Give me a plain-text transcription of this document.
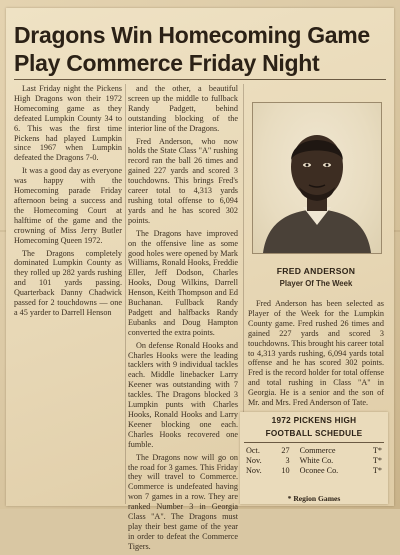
Dragons Win Homecoming Game
Play Commerce Friday Night

Last Friday night the Pickens High Dragons won their 1972 Homecoming game as they defeated Lumpkin County 34 to 6. This was the first time Pickens had played Lumpkin since 1967 when Lumpkin defeated the Dragons 7-0.

It was a good day as everyone was happy with the Homecoming parade Friday afternoon being a success and the Homecoming Court at halftime of the game and the crowning of Miss Jerry Butler Homecoming Queen 1972.

The Dragons completely dominated Lumpkin County as they rolled up 282 yards rushing and 101 yards passing. Quarterback Danny Chadwick passed for 2 touchdowns — one a 45 yarder to Darrell Henson

and the other, a beautiful screen up the middle to fullback Randy Padgett, behind outstanding blocking of the interior line of the Dragons.

Fred Anderson, who now holds the State Class "A" rushing record ran the ball 26 times and gained 227 yards and scored 3 touchdowns. This brings Fred's career total to 4,313 yards rushing total offense to 6,094 yards and he has scored 302 points.

The Dragons have improved on the offensive line as some good holes were opened by Mark Williams, Ronald Hooks, Freddie Eller, Jeff Dodson, Charles Hooks, Doug Wilkins, Darrell Henson, Keith Thompson and Ed Buchanan. Fullback Randy Padgett and halfbacks Randy Eubanks and Doug Hampton converted the extra points.

On defense Ronald Hooks and Charles Hooks were the leading tacklers with 9 individual tackles each. Middle linebacker Larry Keener was outstanding with 7 tackles. The Dragons blocked 3 Lumpkin punts with Charles Hooks, Ronald Hooks and Larry Keener blocking one each. Charles Hooks recovered one fumble.

The Dragons now will go on the road for 3 games. This Friday they will travel to Commerce. Commerce is undefeated having won 7 games in a row. They are ranked Number 3 in Georgia Class "A". The Dragons must play their best game of the year in order to defeat the Commerce Tigers.

FRED ANDERSON
Player Of The Week

Fred Anderson has been selected as Player of the Week for the Lumpkin County game. Fred rushed 26 times and gained 227 yards and scored 3 touchdowns. This brought his career total to 4,313 yards rushing, 6,094 yards total offense and he has scored 302 points. Fred is the record holder for total offense and total rushing in Class "A" in Georgia. He is a senior and the son of Mr. and Mrs. Fred Anderson of Tate.

1972 PICKENS HIGH
FOOTBALL SCHEDULE
Oct.	27	Commerce	T*
Nov.	3	White Co.	T*
Nov.	10	Oconee Co.	T*
* Region Games
